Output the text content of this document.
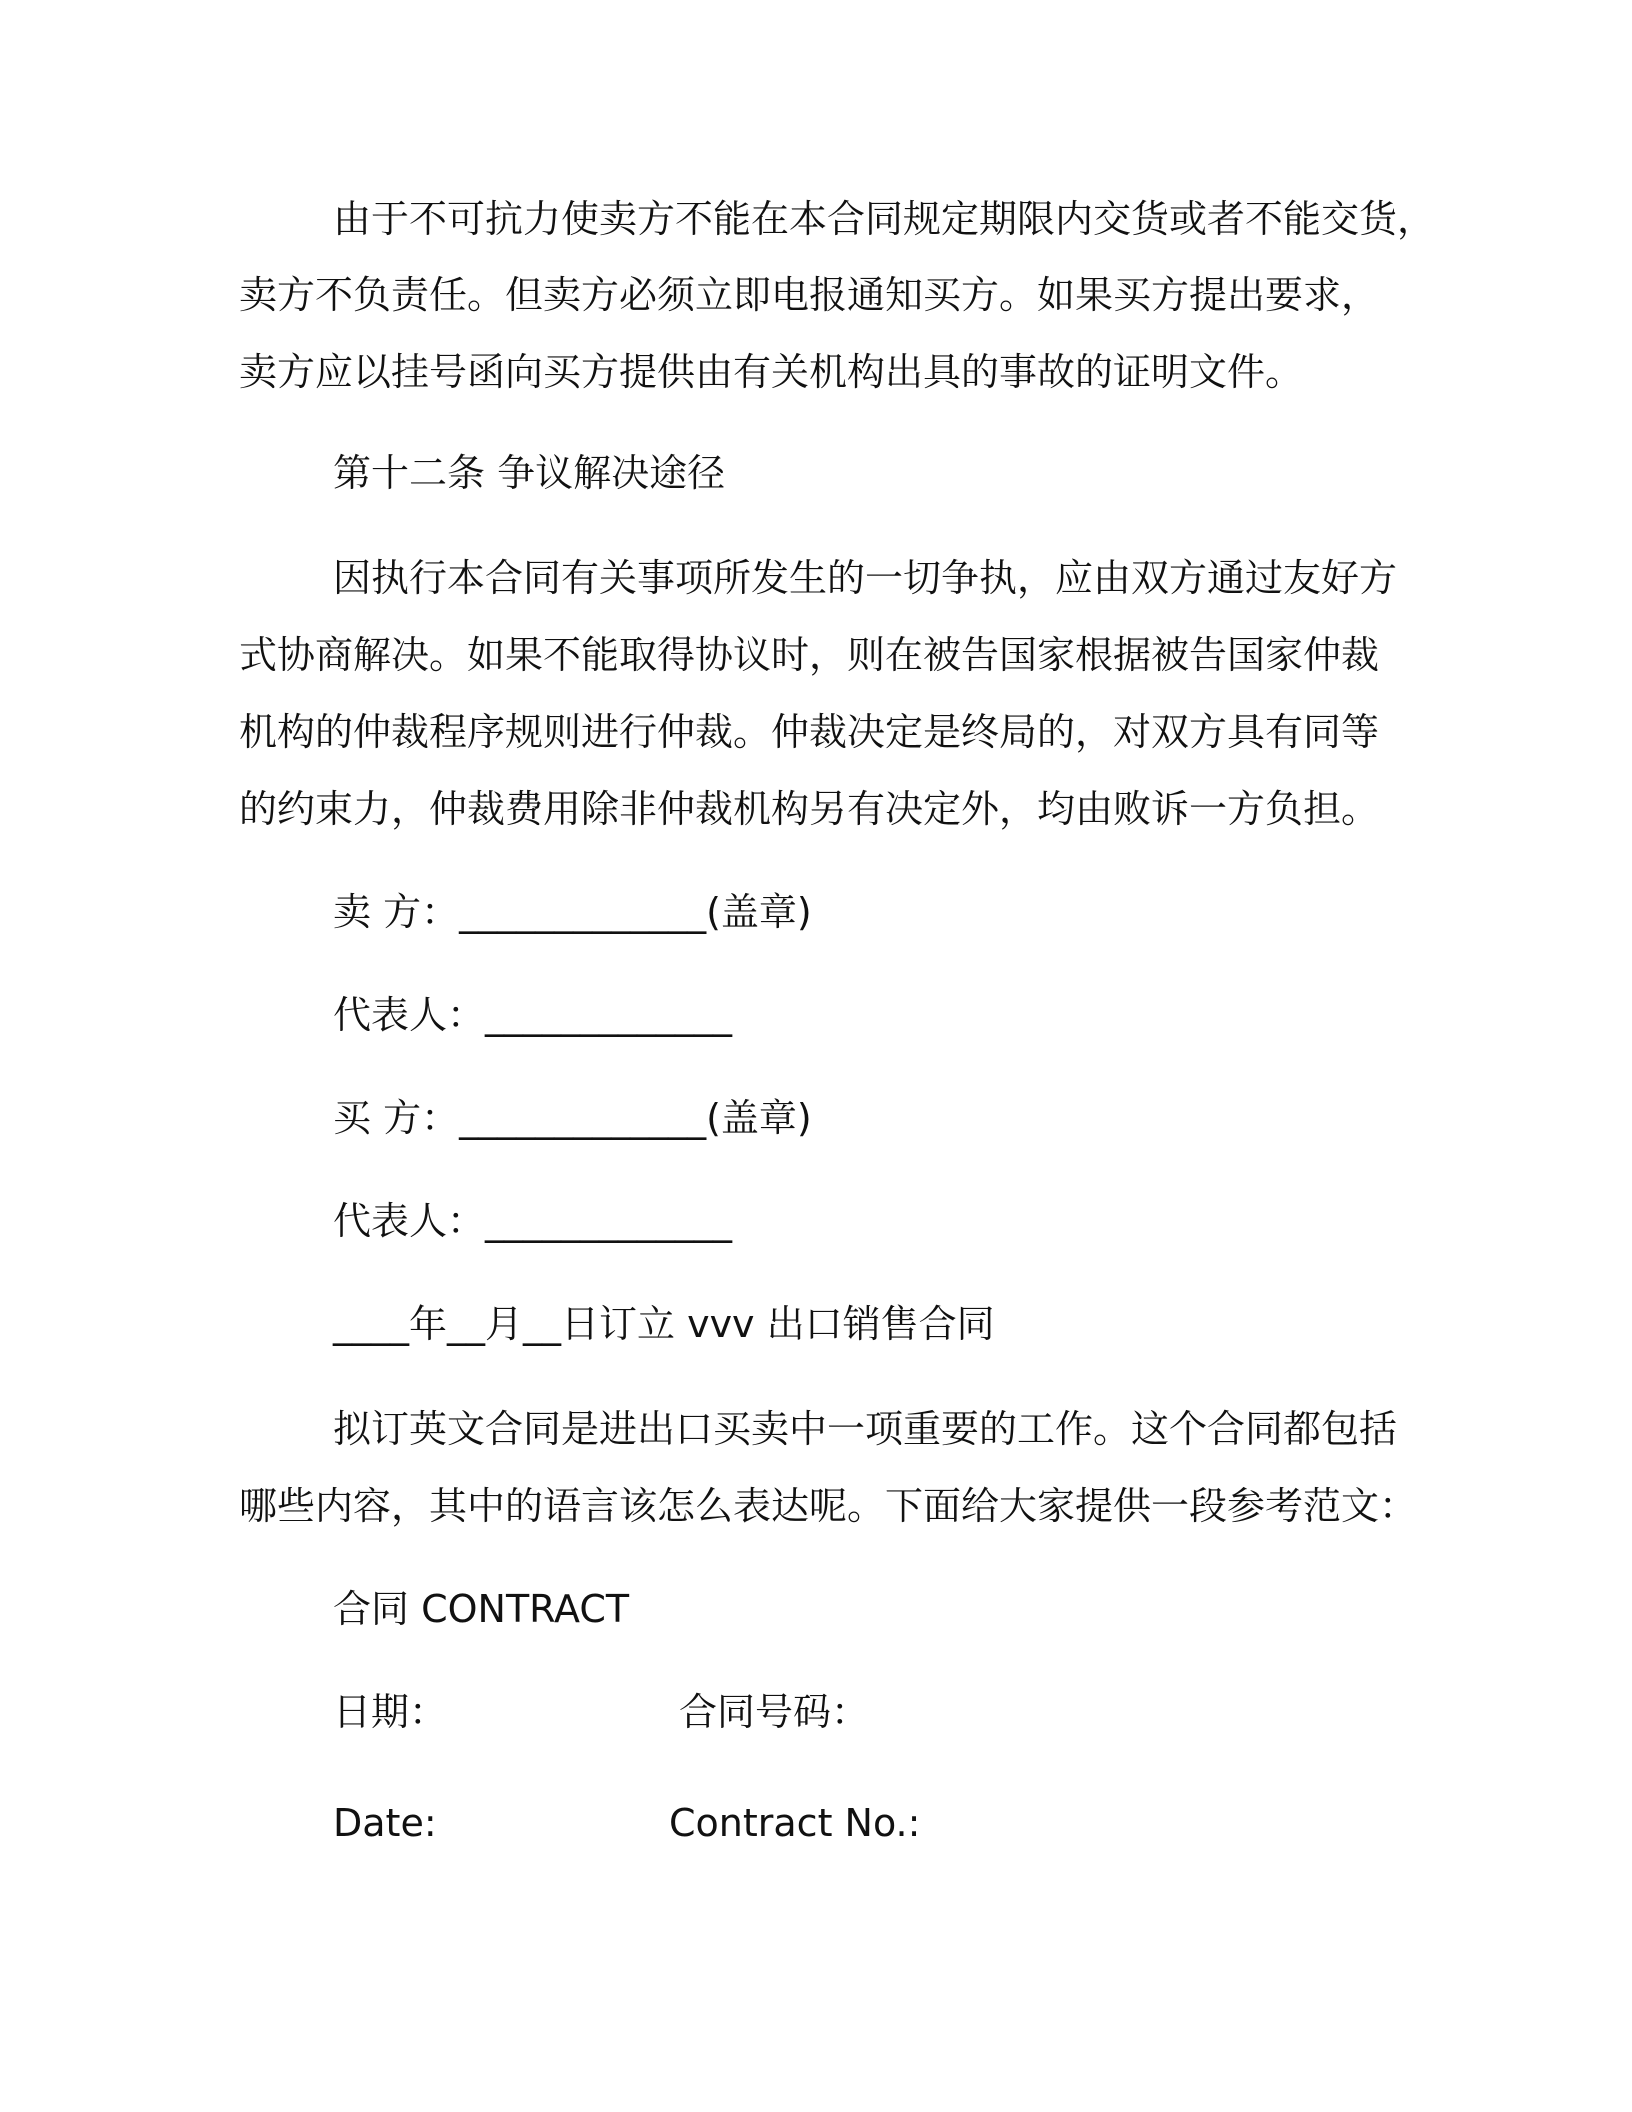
由于不可抗力使卖方不能在本合同规定期限内交货或者不能交货，
卖方不负责任。但卖方必须立即电报通知买方。如果买方提出要求，
卖方应以挂号函向买方提供由有关机构出具的事故的证明文件。
第十二条 争议解决途径
因执行本合同有关事项所发生的一切争执，应由双方通过友好方
式协商解决。如果不能取得协议时，则在被告国家根据被告国家仲裁
机构的仲裁程序规则进行仲裁。仲裁决定是终局的，对双方具有同等
的约束力，仲裁费用除非仲裁机构另有决定外，均由败诉一方负担。
卖 方：_____________(盖章)
代表人：_____________
买 方：_____________(盖章)
代表人：_____________
____年__月__日订立 vvv 出口销售合同
拟订英文合同是进出口买卖中一项重要的工作。这个合同都包括
哪些内容，其中的语言该怎么表达呢。下面给大家提供一段参考范文：
合同 CONTRACT
日期：	合同号码：
Date:	Contract No.:
